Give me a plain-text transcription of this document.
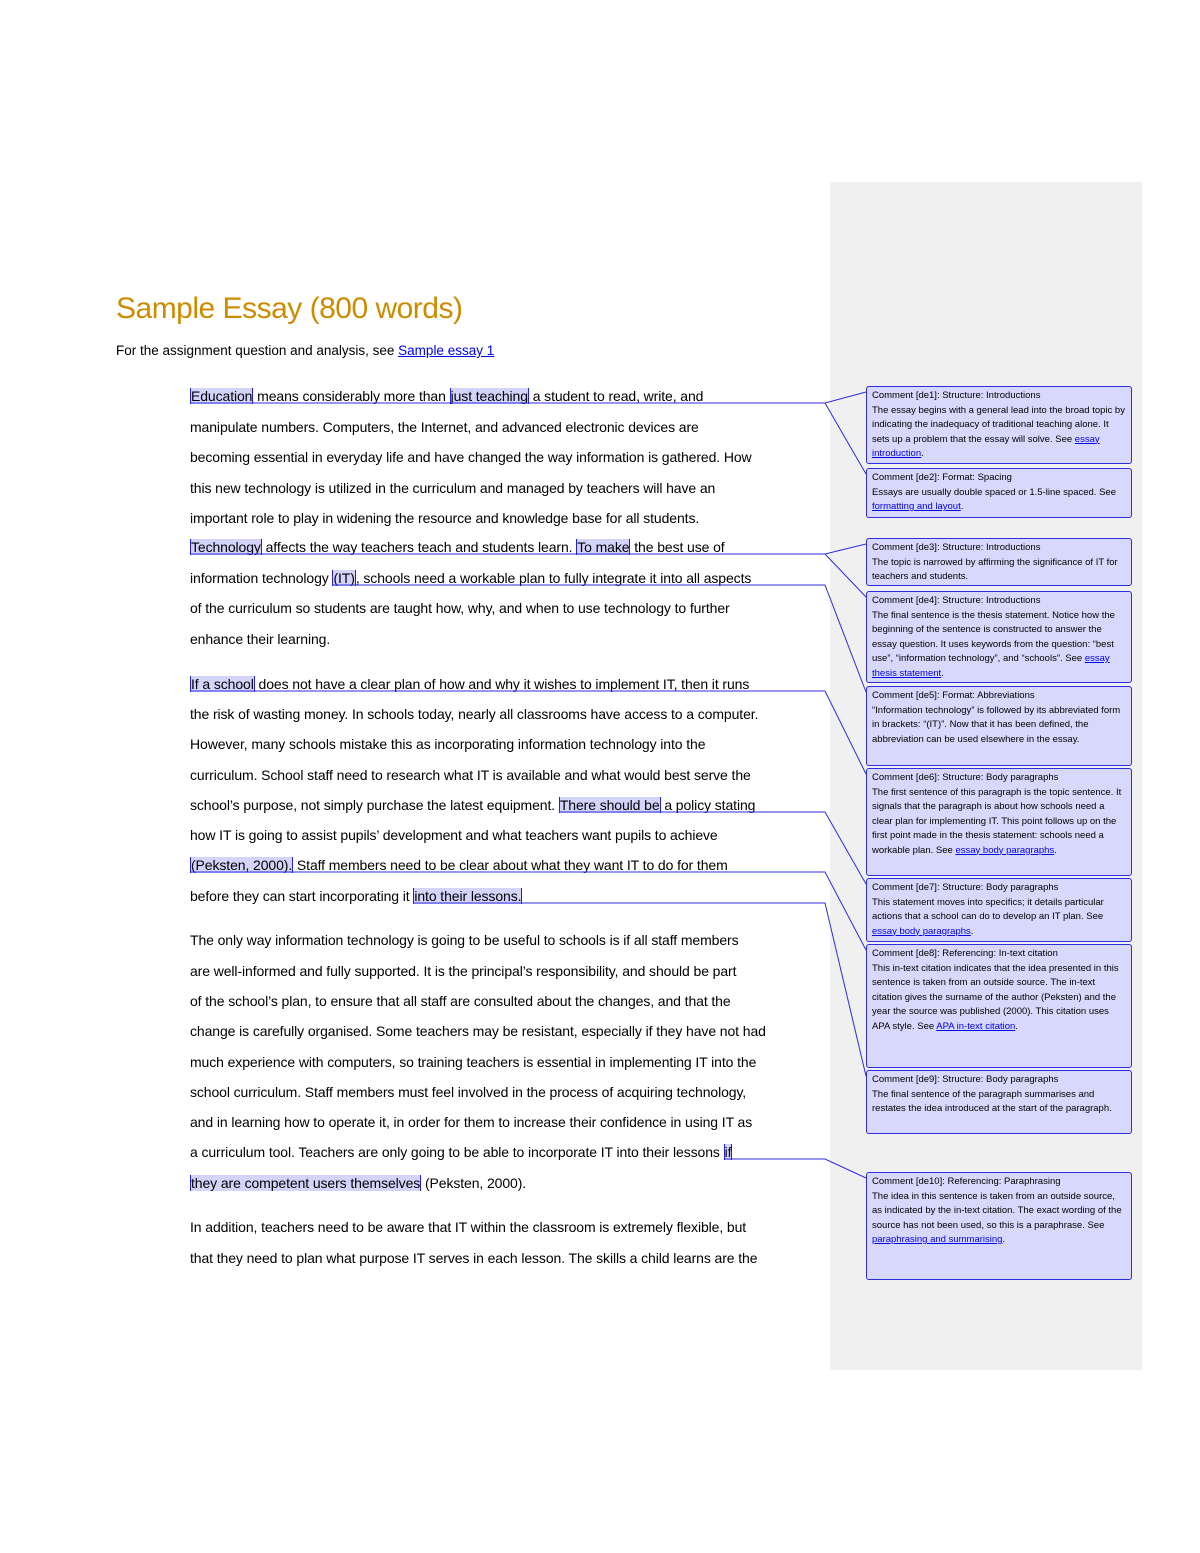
Sample Essay (800 words)
For the assignment question and analysis, see Sample essay 1
Education means considerably more than just teaching a student to read, write, and
manipulate numbers. Computers, the Internet, and advanced electronic devices are
becoming essential in everyday life and have changed the way information is gathered. How
this new technology is utilized in the curriculum and managed by teachers will have an
important role to play in widening the resource and knowledge base for all students.
Technology affects the way teachers teach and students learn. To make the best use of
information technology (IT), schools need a workable plan to fully integrate it into all aspects
of the curriculum so students are taught how, why, and when to use technology to further
enhance their learning.
If a school does not have a clear plan of how and why it wishes to implement IT, then it runs
the risk of wasting money. In schools today, nearly all classrooms have access to a computer.
However, many schools mistake this as incorporating information technology into the
curriculum. School staff need to research what IT is available and what would best serve the
school’s purpose, not simply purchase the latest equipment. There should be a policy stating
how IT is going to assist pupils’ development and what teachers want pupils to achieve
(Peksten, 2000). Staff members need to be clear about what they want IT to do for them
before they can start incorporating it into their lessons.
The only way information technology is going to be useful to schools is if all staff members
are well-informed and fully supported. It is the principal’s responsibility, and should be part
of the school’s plan, to ensure that all staff are consulted about the changes, and that the
change is carefully organised. Some teachers may be resistant, especially if they have not had
much experience with computers, so training teachers is essential in implementing IT into the
school curriculum. Staff members must feel involved in the process of acquiring technology,
and in learning how to operate it, in order for them to increase their confidence in using IT as
a curriculum tool. Teachers are only going to be able to incorporate IT into their lessons if
they are competent users themselves (Peksten, 2000).
In addition, teachers need to be aware that IT within the classroom is extremely flexible, but
that they need to plan what purpose IT serves in each lesson. The skills a child learns are the
Comment [de1]: Structure: Introductions
The essay begins with a general lead into the broad topic by indicating the inadequacy of traditional teaching alone. It sets up a problem that the essay will solve. See essay introduction.
Comment [de2]: Format: Spacing
Essays are usually double spaced or 1.5-line spaced. See formatting and layout.
Comment [de3]: Structure: Introductions
The topic is narrowed by affirming the significance of IT for teachers and students.
Comment [de4]: Structure: Introductions
The final sentence is the thesis statement. Notice how the beginning of the sentence is constructed to answer the essay question. It uses keywords from the question: “best use”, “information technology”, and “schools”. See essay thesis statement.
Comment [de5]: Format: Abbreviations
“Information technology” is followed by its abbreviated form in brackets: “(IT)”. Now that it has been defined, the abbreviation can be used elsewhere in the essay.
Comment [de6]: Structure: Body paragraphs
The first sentence of this paragraph is the topic sentence. It signals that the paragraph is about how schools need a clear plan for implementing IT. This point follows up on the first point made in the thesis statement: schools need a workable plan. See essay body paragraphs.
Comment [de7]: Structure: Body paragraphs
This statement moves into specifics; it details particular actions that a school can do to develop an IT plan. See essay body paragraphs.
Comment [de8]: Referencing: In-text citation
This in-text citation indicates that the idea presented in this sentence is taken from an outside source. The in-text citation gives the surname of the author (Peksten) and the year the source was published (2000). This citation uses APA style. See APA in-text citation.
Comment [de9]: Structure: Body paragraphs
The final sentence of the paragraph summarises and restates the idea introduced at the start of the paragraph.
Comment [de10]: Referencing: Paraphrasing
The idea in this sentence is taken from an outside source, as indicated by the in-text citation. The exact wording of the source has not been used, so this is a paraphrase. See paraphrasing and summarising.
